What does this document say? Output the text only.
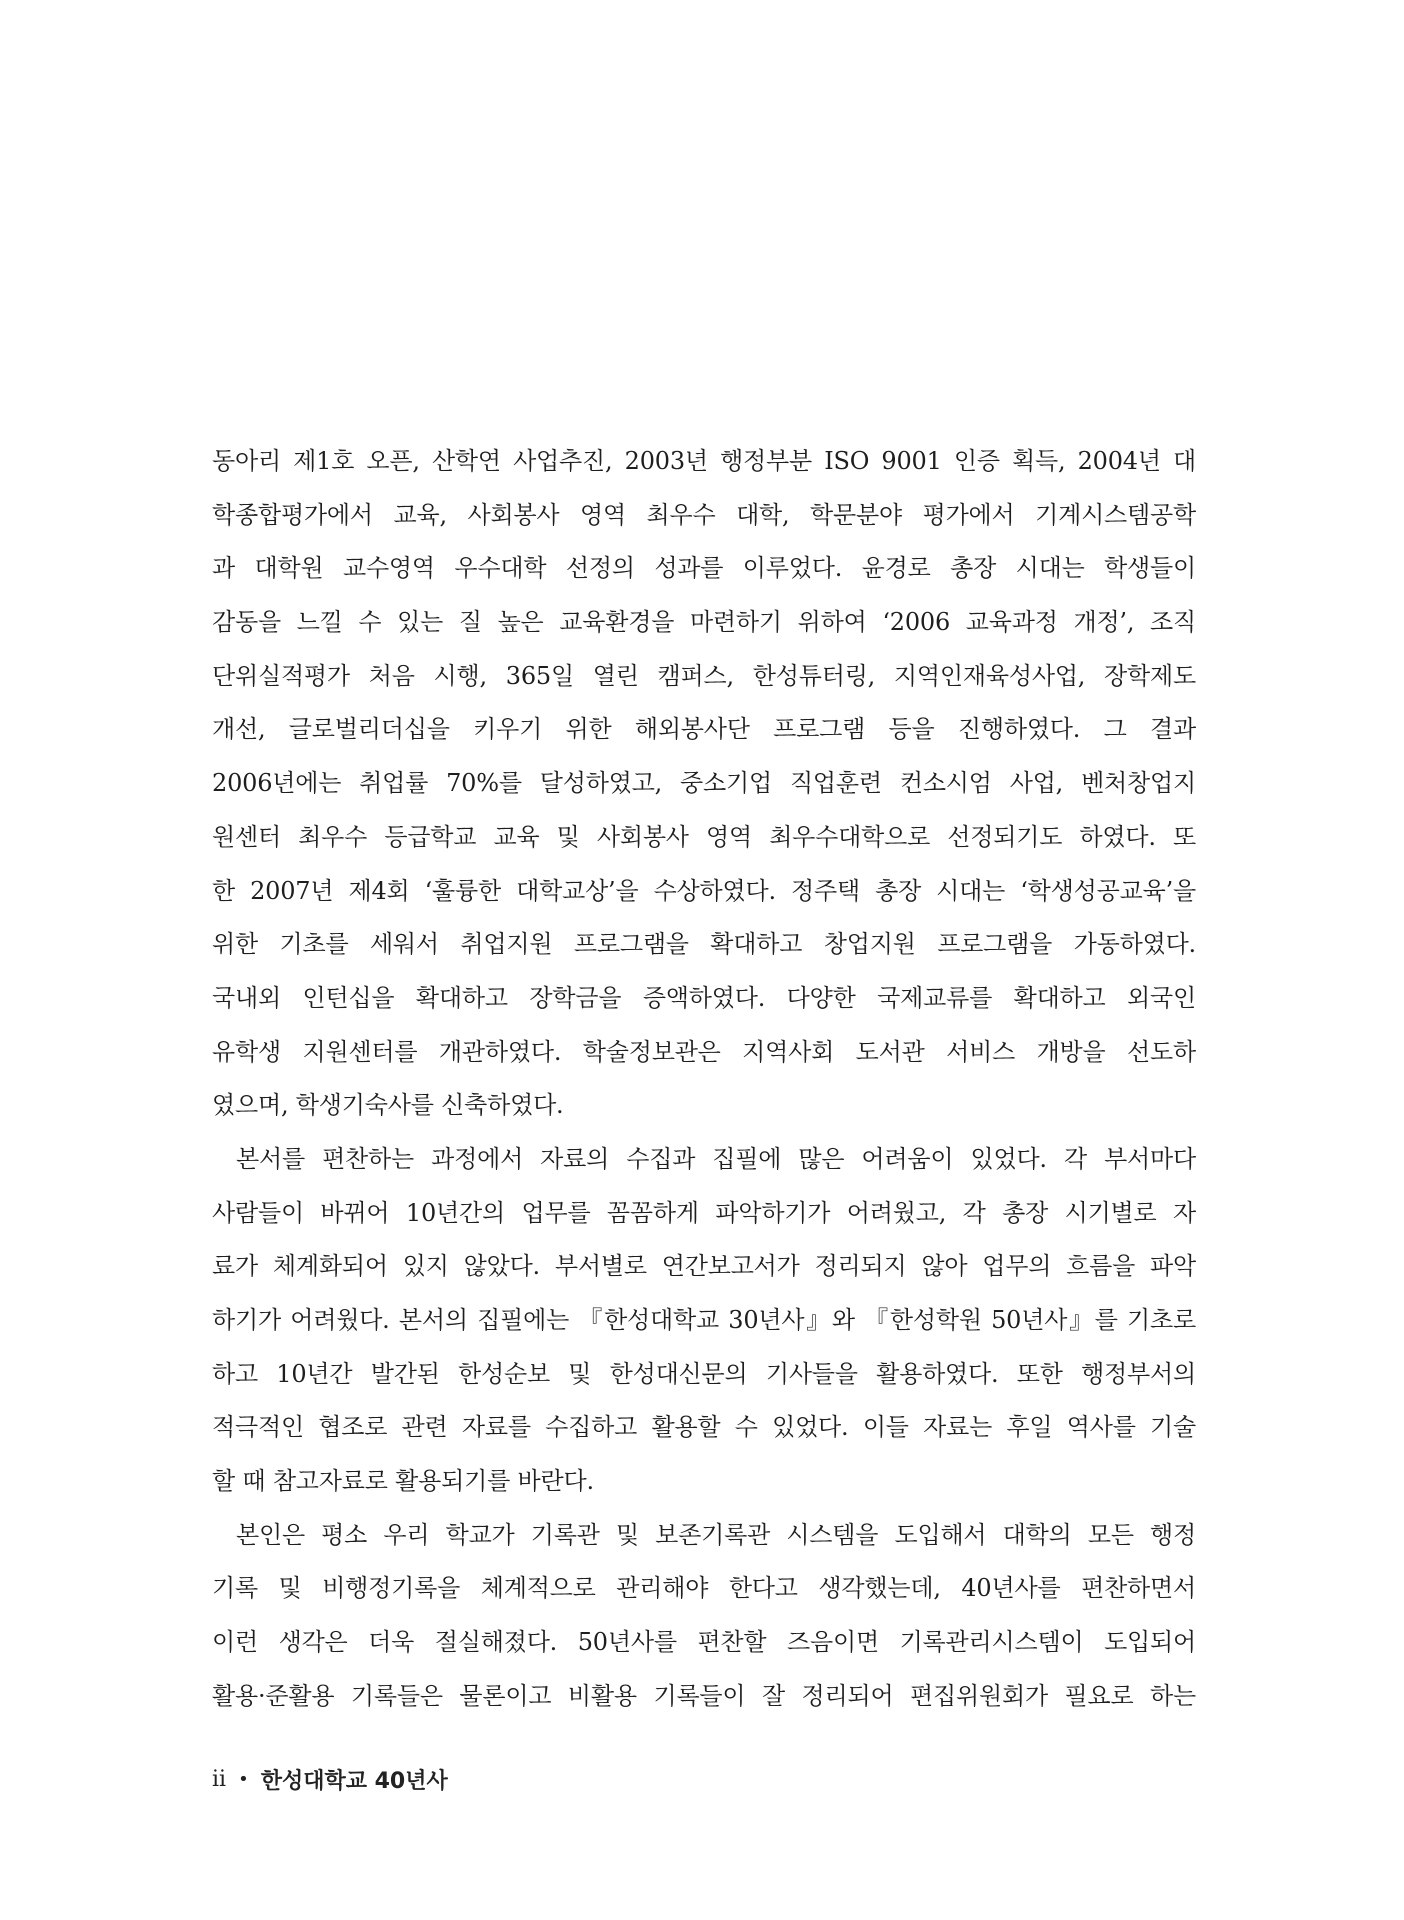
동아리 제1호 오픈, 산학연 사업추진, 2003년 행정부분 ISO 9001 인증 획득, 2004년 대
학종합평가에서 교육, 사회봉사 영역 최우수 대학, 학문분야 평가에서 기계시스템공학
과 대학원 교수영역 우수대학 선정의 성과를 이루었다. 윤경로 총장 시대는 학생들이
감동을 느낄 수 있는 질 높은 교육환경을 마련하기 위하여 ‘2006 교육과정 개정’, 조직
단위실적평가 처음 시행, 365일 열린 캠퍼스, 한성튜터링, 지역인재육성사업, 장학제도
개선, 글로벌리더십을 키우기 위한 해외봉사단 프로그램 등을 진행하였다. 그 결과
2006년에는 취업률 70%를 달성하였고, 중소기업 직업훈련 컨소시엄 사업, 벤처창업지
원센터 최우수 등급학교 교육 및 사회봉사 영역 최우수대학으로 선정되기도 하였다. 또
한 2007년 제4회 ‘훌륭한 대학교상’을 수상하였다. 정주택 총장 시대는 ‘학생성공교육’을
위한 기초를 세워서 취업지원 프로그램을 확대하고 창업지원 프로그램을 가동하였다.
국내외 인턴십을 확대하고 장학금을 증액하였다. 다양한 국제교류를 확대하고 외국인
유학생 지원센터를 개관하였다. 학술정보관은 지역사회 도서관 서비스 개방을 선도하
였으며, 학생기숙사를 신축하였다.
본서를 편찬하는 과정에서 자료의 수집과 집필에 많은 어려움이 있었다. 각 부서마다
사람들이 바뀌어 10년간의 업무를 꼼꼼하게 파악하기가 어려웠고, 각 총장 시기별로 자
료가 체계화되어 있지 않았다. 부서별로 연간보고서가 정리되지 않아 업무의 흐름을 파악
하기가 어려웠다. 본서의 집필에는 『한성대학교 30년사』와 『한성학원 50년사』를 기초로
하고 10년간 발간된 한성순보 및 한성대신문의 기사들을 활용하였다. 또한 행정부서의
적극적인 협조로 관련 자료를 수집하고 활용할 수 있었다. 이들 자료는 후일 역사를 기술
할 때 참고자료로 활용되기를 바란다.
본인은 평소 우리 학교가 기록관 및 보존기록관 시스템을 도입해서 대학의 모든 행정
기록 및 비행정기록을 체계적으로 관리해야 한다고 생각했는데, 40년사를 편찬하면서
이런 생각은 더욱 절실해졌다. 50년사를 편찬할 즈음이면 기록관리시스템이 도입되어
활용·준활용 기록들은 물론이고 비활용 기록들이 잘 정리되어 편집위원회가 필요로 하는
ii • 한성대학교 40년사
